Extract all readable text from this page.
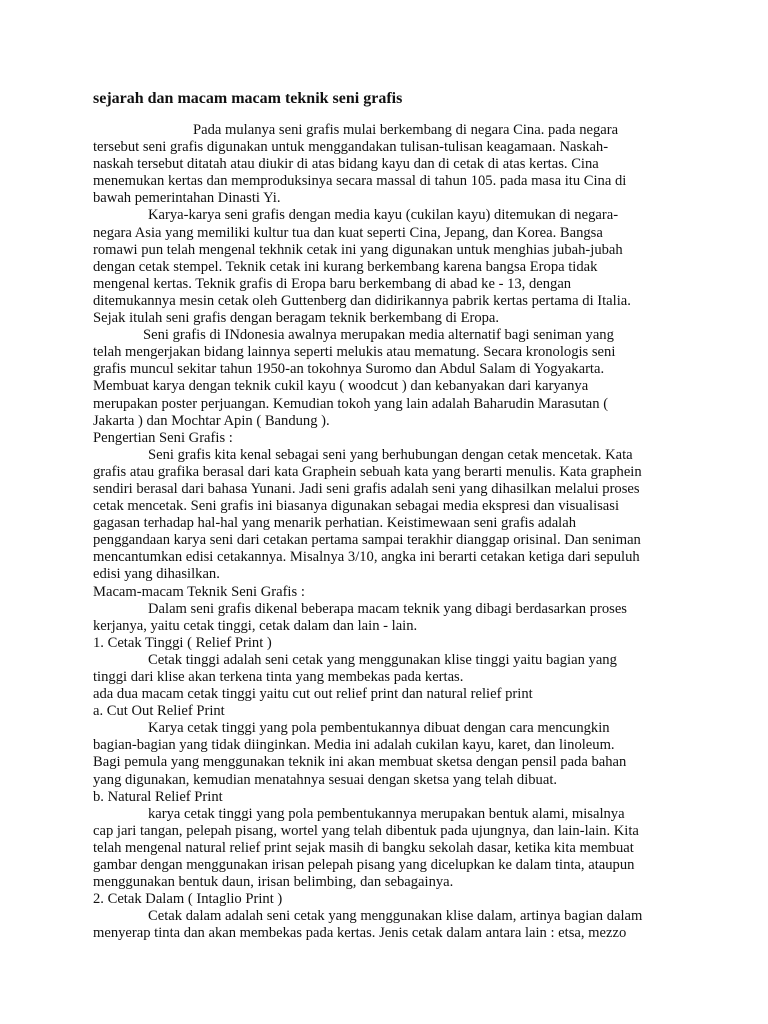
sejarah dan macam macam teknik seni grafis
Pada mulanya seni grafis mulai berkembang di negara Cina. pada negara
tersebut seni grafis digunakan untuk menggandakan tulisan-tulisan keagamaan. Naskah-
naskah tersebut ditatah atau diukir di atas bidang kayu dan di cetak di atas kertas. Cina
menemukan kertas dan memproduksinya secara massal di tahun 105. pada masa itu Cina di
bawah pemerintahan Dinasti Yi.
Karya-karya seni grafis dengan media kayu (cukilan kayu) ditemukan di negara-
negara Asia yang memiliki kultur tua dan kuat seperti Cina, Jepang, dan Korea. Bangsa
romawi pun telah mengenal tekhnik cetak ini yang digunakan untuk menghias jubah-jubah
dengan cetak stempel. Teknik cetak ini kurang berkembang karena bangsa Eropa tidak
mengenal kertas. Teknik grafis di Eropa baru berkembang di abad ke - 13, dengan
ditemukannya mesin cetak oleh Guttenberg dan didirikannya pabrik kertas pertama di Italia.
Sejak itulah seni grafis dengan beragam teknik berkembang di Eropa.
Seni grafis di INdonesia awalnya merupakan media alternatif bagi seniman yang
telah mengerjakan bidang lainnya seperti melukis atau mematung. Secara kronologis seni
grafis muncul sekitar tahun 1950-an tokohnya Suromo dan Abdul Salam di Yogyakarta.
Membuat karya dengan teknik cukil kayu ( woodcut ) dan kebanyakan dari karyanya
merupakan poster perjuangan. Kemudian tokoh yang lain adalah Baharudin Marasutan (
Jakarta ) dan Mochtar Apin ( Bandung ).
Pengertian Seni Grafis :
Seni grafis kita kenal sebagai seni yang berhubungan dengan cetak mencetak. Kata
grafis atau grafika berasal dari kata Graphein sebuah kata yang berarti menulis. Kata graphein
sendiri berasal dari bahasa Yunani. Jadi seni grafis adalah seni yang dihasilkan melalui proses
cetak mencetak. Seni grafis ini biasanya digunakan sebagai media ekspresi dan visualisasi
gagasan terhadap hal-hal yang menarik perhatian. Keistimewaan seni grafis adalah
penggandaan karya seni dari cetakan pertama sampai terakhir dianggap orisinal. Dan seniman
mencantumkan edisi cetakannya. Misalnya 3/10, angka ini berarti cetakan ketiga dari sepuluh
edisi yang dihasilkan.
Macam-macam Teknik Seni Grafis :
Dalam seni grafis dikenal beberapa macam teknik yang dibagi berdasarkan proses
kerjanya, yaitu cetak tinggi, cetak dalam dan lain - lain.
1. Cetak Tinggi ( Relief Print )
Cetak tinggi adalah seni cetak yang menggunakan klise tinggi yaitu bagian yang
tinggi dari klise akan terkena tinta yang membekas pada kertas.
ada dua macam cetak tinggi yaitu cut out relief print dan natural relief print
a. Cut Out Relief Print
Karya cetak tinggi yang pola pembentukannya dibuat dengan cara mencungkin
bagian-bagian yang tidak diinginkan. Media ini adalah cukilan kayu, karet, dan linoleum.
Bagi pemula yang menggunakan teknik ini akan membuat sketsa dengan pensil pada bahan
yang digunakan, kemudian menatahnya sesuai dengan sketsa yang telah dibuat.
b. Natural Relief Print
karya cetak tinggi yang pola pembentukannya merupakan bentuk alami, misalnya
cap jari tangan, pelepah pisang, wortel yang telah dibentuk pada ujungnya, dan lain-lain. Kita
telah mengenal natural relief print sejak masih di bangku sekolah dasar, ketika kita membuat
gambar dengan menggunakan irisan pelepah pisang yang dicelupkan ke dalam tinta, ataupun
menggunakan bentuk daun, irisan belimbing, dan sebagainya.
2. Cetak Dalam ( Intaglio Print )
Cetak dalam adalah seni cetak yang menggunakan klise dalam, artinya bagian dalam
menyerap tinta dan akan membekas pada kertas. Jenis cetak dalam antara lain : etsa, mezzo
